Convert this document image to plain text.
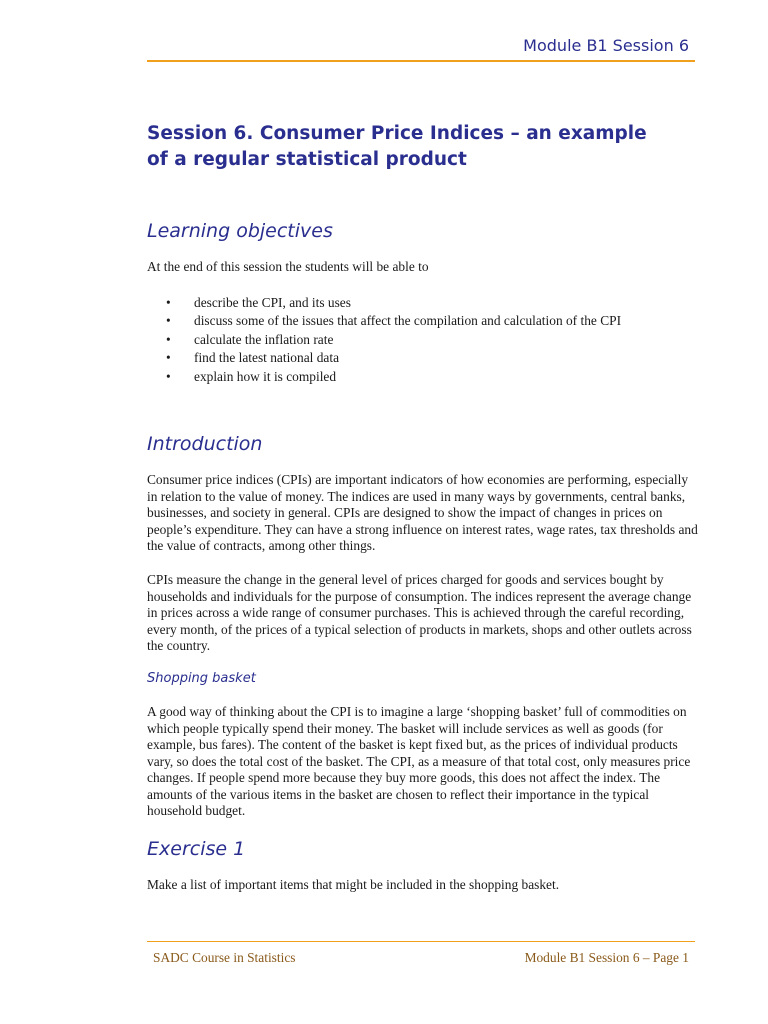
Module B1 Session 6
Session 6. Consumer Price Indices – an example of a regular statistical product
Learning objectives

At the end of this session the students will be able to

• describe the CPI, and its uses
• discuss some of the issues that affect the compilation and calculation of the CPI
• calculate the inflation rate
• find the latest national data
• explain how it is compiled
Introduction

Consumer price indices (CPIs) are important indicators of how economies are performing, especially in relation to the value of money. The indices are used in many ways by governments, central banks, businesses, and society in general. CPIs are designed to show the impact of changes in prices on people’s expenditure. They can have a strong influence on interest rates, wage rates, tax thresholds and the value of contracts, among other things.

CPIs measure the change in the general level of prices charged for goods and services bought by households and individuals for the purpose of consumption. The indices represent the average change in prices across a wide range of consumer purchases. This is achieved through the careful recording, every month, of the prices of a typical selection of products in markets, shops and other outlets across the country.

Shopping basket

A good way of thinking about the CPI is to imagine a large ‘shopping basket’ full of commodities on which people typically spend their money. The basket will include services as well as goods (for example, bus fares). The content of the basket is kept fixed but, as the prices of individual products vary, so does the total cost of the basket. The CPI, as a measure of that total cost, only measures price changes. If people spend more because they buy more goods, this does not affect the index. The amounts of the various items in the basket are chosen to reflect their importance in the typical household budget.

Exercise 1

Make a list of important items that might be included in the shopping basket.

SADC Course in Statistics	Module B1 Session 6 – Page 1
